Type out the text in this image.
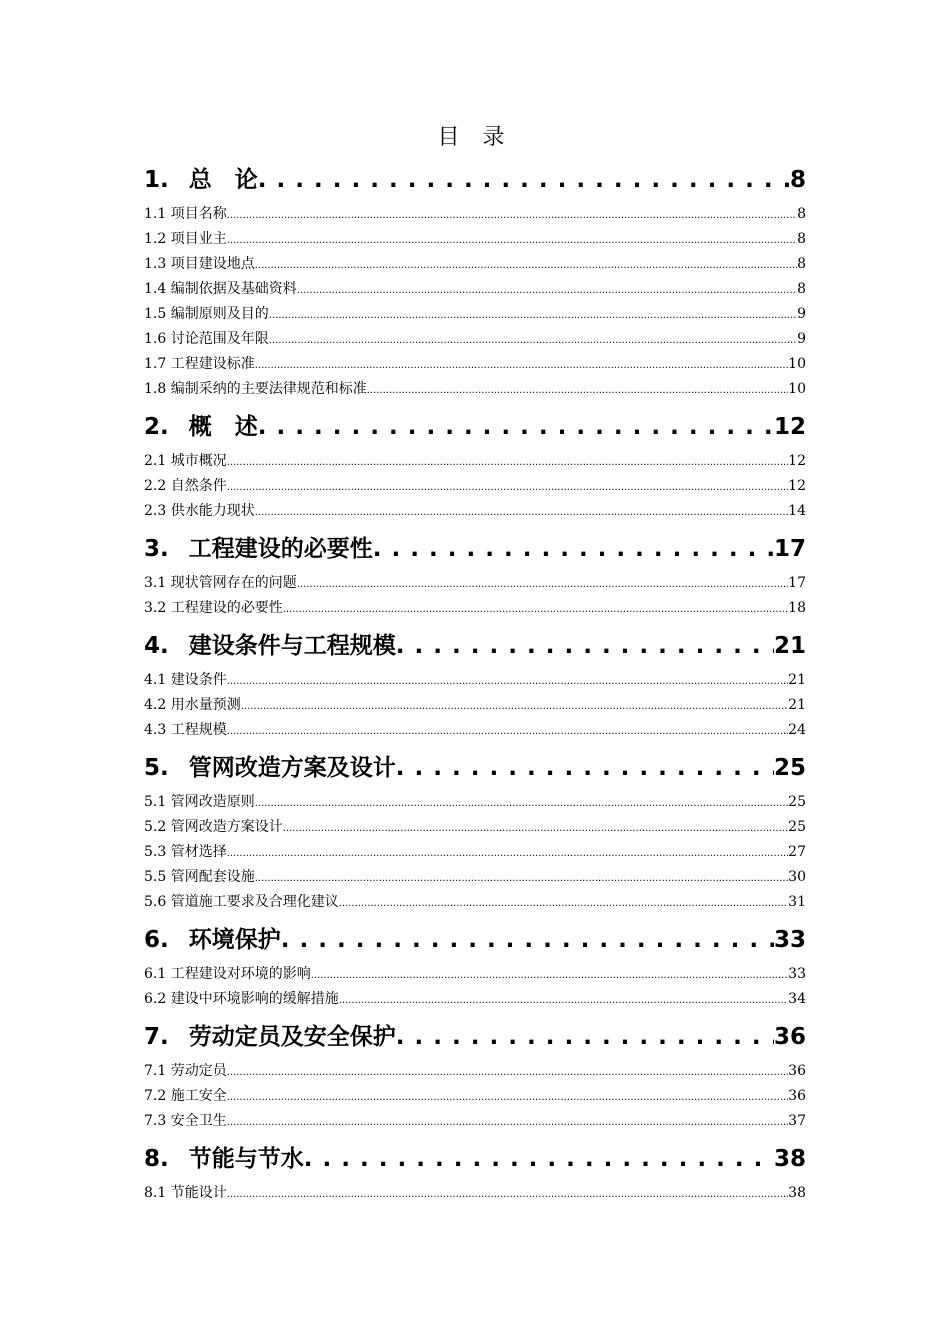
目 录
1. 总　论 . . .	8
1.1 项目名称 .....	8
1.2 项目业主 .....	8
1.3 项目建设地点 .....	8
1.4 编制依据及基础资料 .....	8
1.5 编制原则及目的 .....	9
1.6 讨论范围及年限 .....	9
1.7 工程建设标准 .....	10
1.8 编制采纳的主要法律规范和标准 .....	10
2. 概　述 . . .	12
2.1 城市概况 .....	12
2.2 自然条件 .....	12
2.3 供水能力现状 .....	14
3. 工程建设的必要性 . . .	17
3.1 现状管网存在的问题 .....	17
3.2 工程建设的必要性 .....	18
4. 建设条件与工程规模 . . .	21
4.1 建设条件 .....	21
4.2 用水量预测 .....	21
4.3 工程规模 .....	24
5. 管网改造方案及设计 . . .	25
5.1 管网改造原则 .....	25
5.2 管网改造方案设计 .....	25
5.3 管材选择 .....	27
5.5 管网配套设施 .....	30
5.6 管道施工要求及合理化建议 .....	31
6. 环境保护 . . .	33
6.1 工程建设对环境的影响 .....	33
6.2 建设中环境影响的缓解措施 .....	34
7. 劳动定员及安全保护 . . .	36
7.1 劳动定员 .....	36
7.2 施工安全 .....	36
7.3 安全卫生 .....	37
8. 节能与节水 . . .	38
8.1 节能设计 .....	38
